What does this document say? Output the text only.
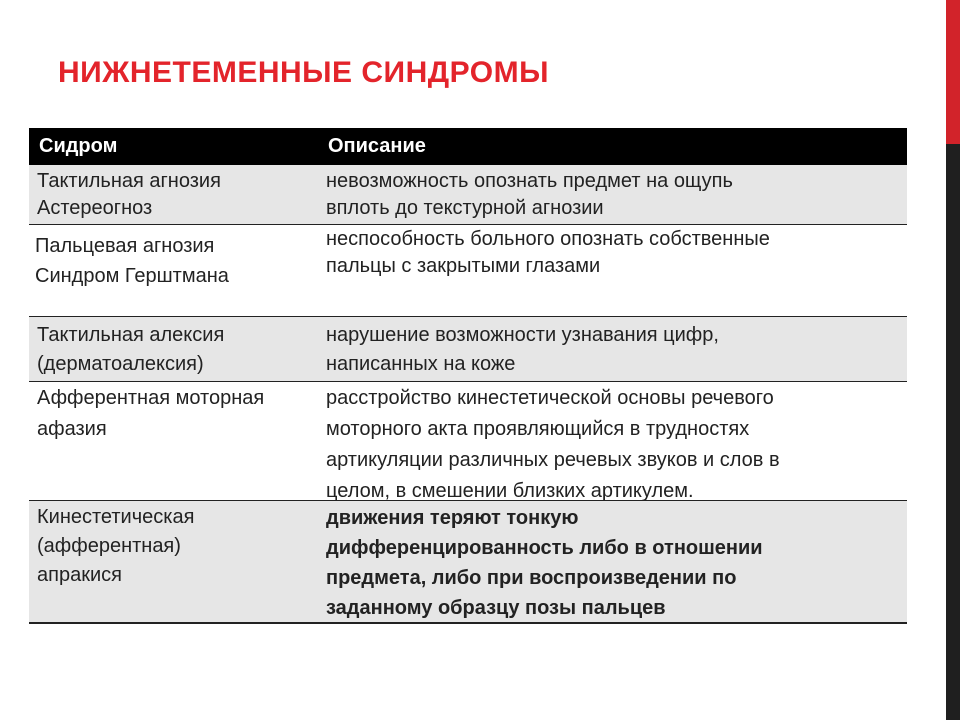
НИЖНЕТЕМЕННЫЕ СИНДРОМЫ
Сидром	Описание
Тактильная агнозия
Астереогноз
невозможность опознать предмет на ощупь
вплоть до текстурной агнозии
Пальцевая агнозия
Синдром Герштмана
неспособность больного опознать собственные
пальцы с закрытыми глазами
Тактильная алексия
(дерматоалексия)
нарушение возможности узнавания цифр,
написанных на коже
Афферентная моторная
афазия
расстройство кинестетической основы речевого
моторного акта проявляющийся в трудностях
артикуляции различных речевых звуков и слов в
целом, в смешении близких артикулем.
Кинестетическая
(афферентная)
апракися
движения теряют тонкую
дифференцированность либо в отношении
предмета, либо при воспроизведении по
заданному образцу позы пальцев
